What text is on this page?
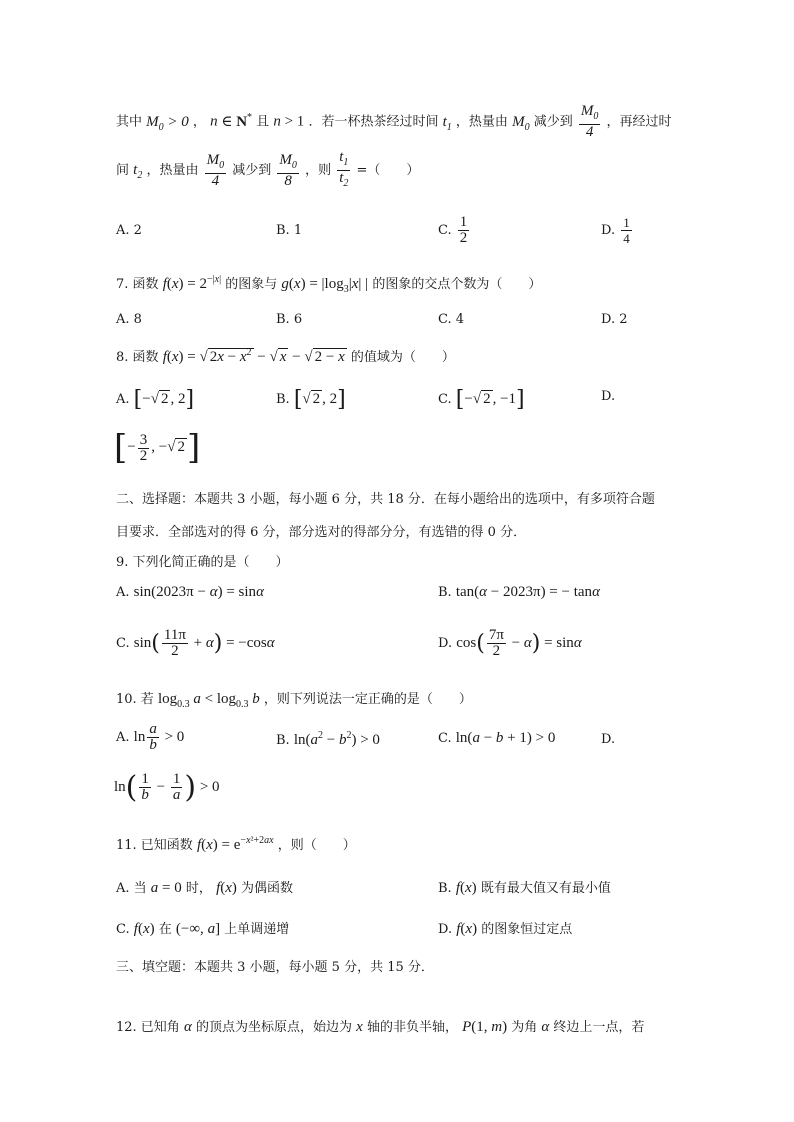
其中 $M_0 > 0$ ， n ∈ N* 且 n > 1 ．若一杯热茶经过时间 $t_1$ ，热量由 $M_0$ 减少到 $\frac{M_0}{4}$ ，再经过时
间 $t_2$ ，热量由 $\frac{M_0}{4}$ 减少到 $\frac{M_0}{8}$ ，则 $\frac{t_1}{t_2}$ =（　　）
A. 2	B. 1	C. $\frac{1}{2}$	D. $\frac{1}{4}$
7. 函数 $f(x) = 2^{-|x|}$ 的图象与 $g(x) = |\log_3|x|$ | 的图象的交点个数为（　　）
A. 8	B. 6	C. 4	D. 2
8. 函数 f(x) = √ $2x - x^2$ − √ x − √ 2 − x 的值域为（　　）
A. [−√ 2 , 2]	B. [√ 2 , 2]	C. [−√ 2 , −1]	D.
[− $\frac{3}{2}$ , −√ 2]
二、选择题：本题共 3 小题，每小题 6 分，共 18 分．在每小题给出的选项中，有多项符合题
目要求．全部选对的得 6 分，部分选对的得部分分，有选错的得 0 分．
9. 下列化简正确的是（　　）
A. sin(2023π − α) = sinα	B. tan(α − 2023π) = − tanα
C. $\sin( \frac{11\pi}{2} + \alpha) = -\cos\alpha$	D. $\cos( \frac{7\pi}{2} - \alpha) = \sin\alpha$
10. 若 $\log_{0.3} a < \log_{0.3} b$ ，则下列说法一定正确的是（　　）
A. $\ln \frac{a}{b} > 0$	B. $\ln(a^2 - b^2) > 0$	C. ln(a − b + 1) > 0	D.
$\ln( \frac{1}{b} - \frac{1}{a}$ ) > 0
11. 已知函数 $f(x) = e^{-x^2+2ax}$ ，则（　　）
A. 当 a = 0 时， f(x) 为偶函数	B. f(x) 既有最大值又有最小值
C. f(x) 在 (−∞, a] 上单调递增	D. f(x) 的图象恒过定点
三、填空题：本题共 3 小题，每小题 5 分，共 15 分．
12. 已知角 α 的顶点为坐标原点，始边为 x 轴的非负半轴， P(1, m) 为角 α 终边上一点，若
